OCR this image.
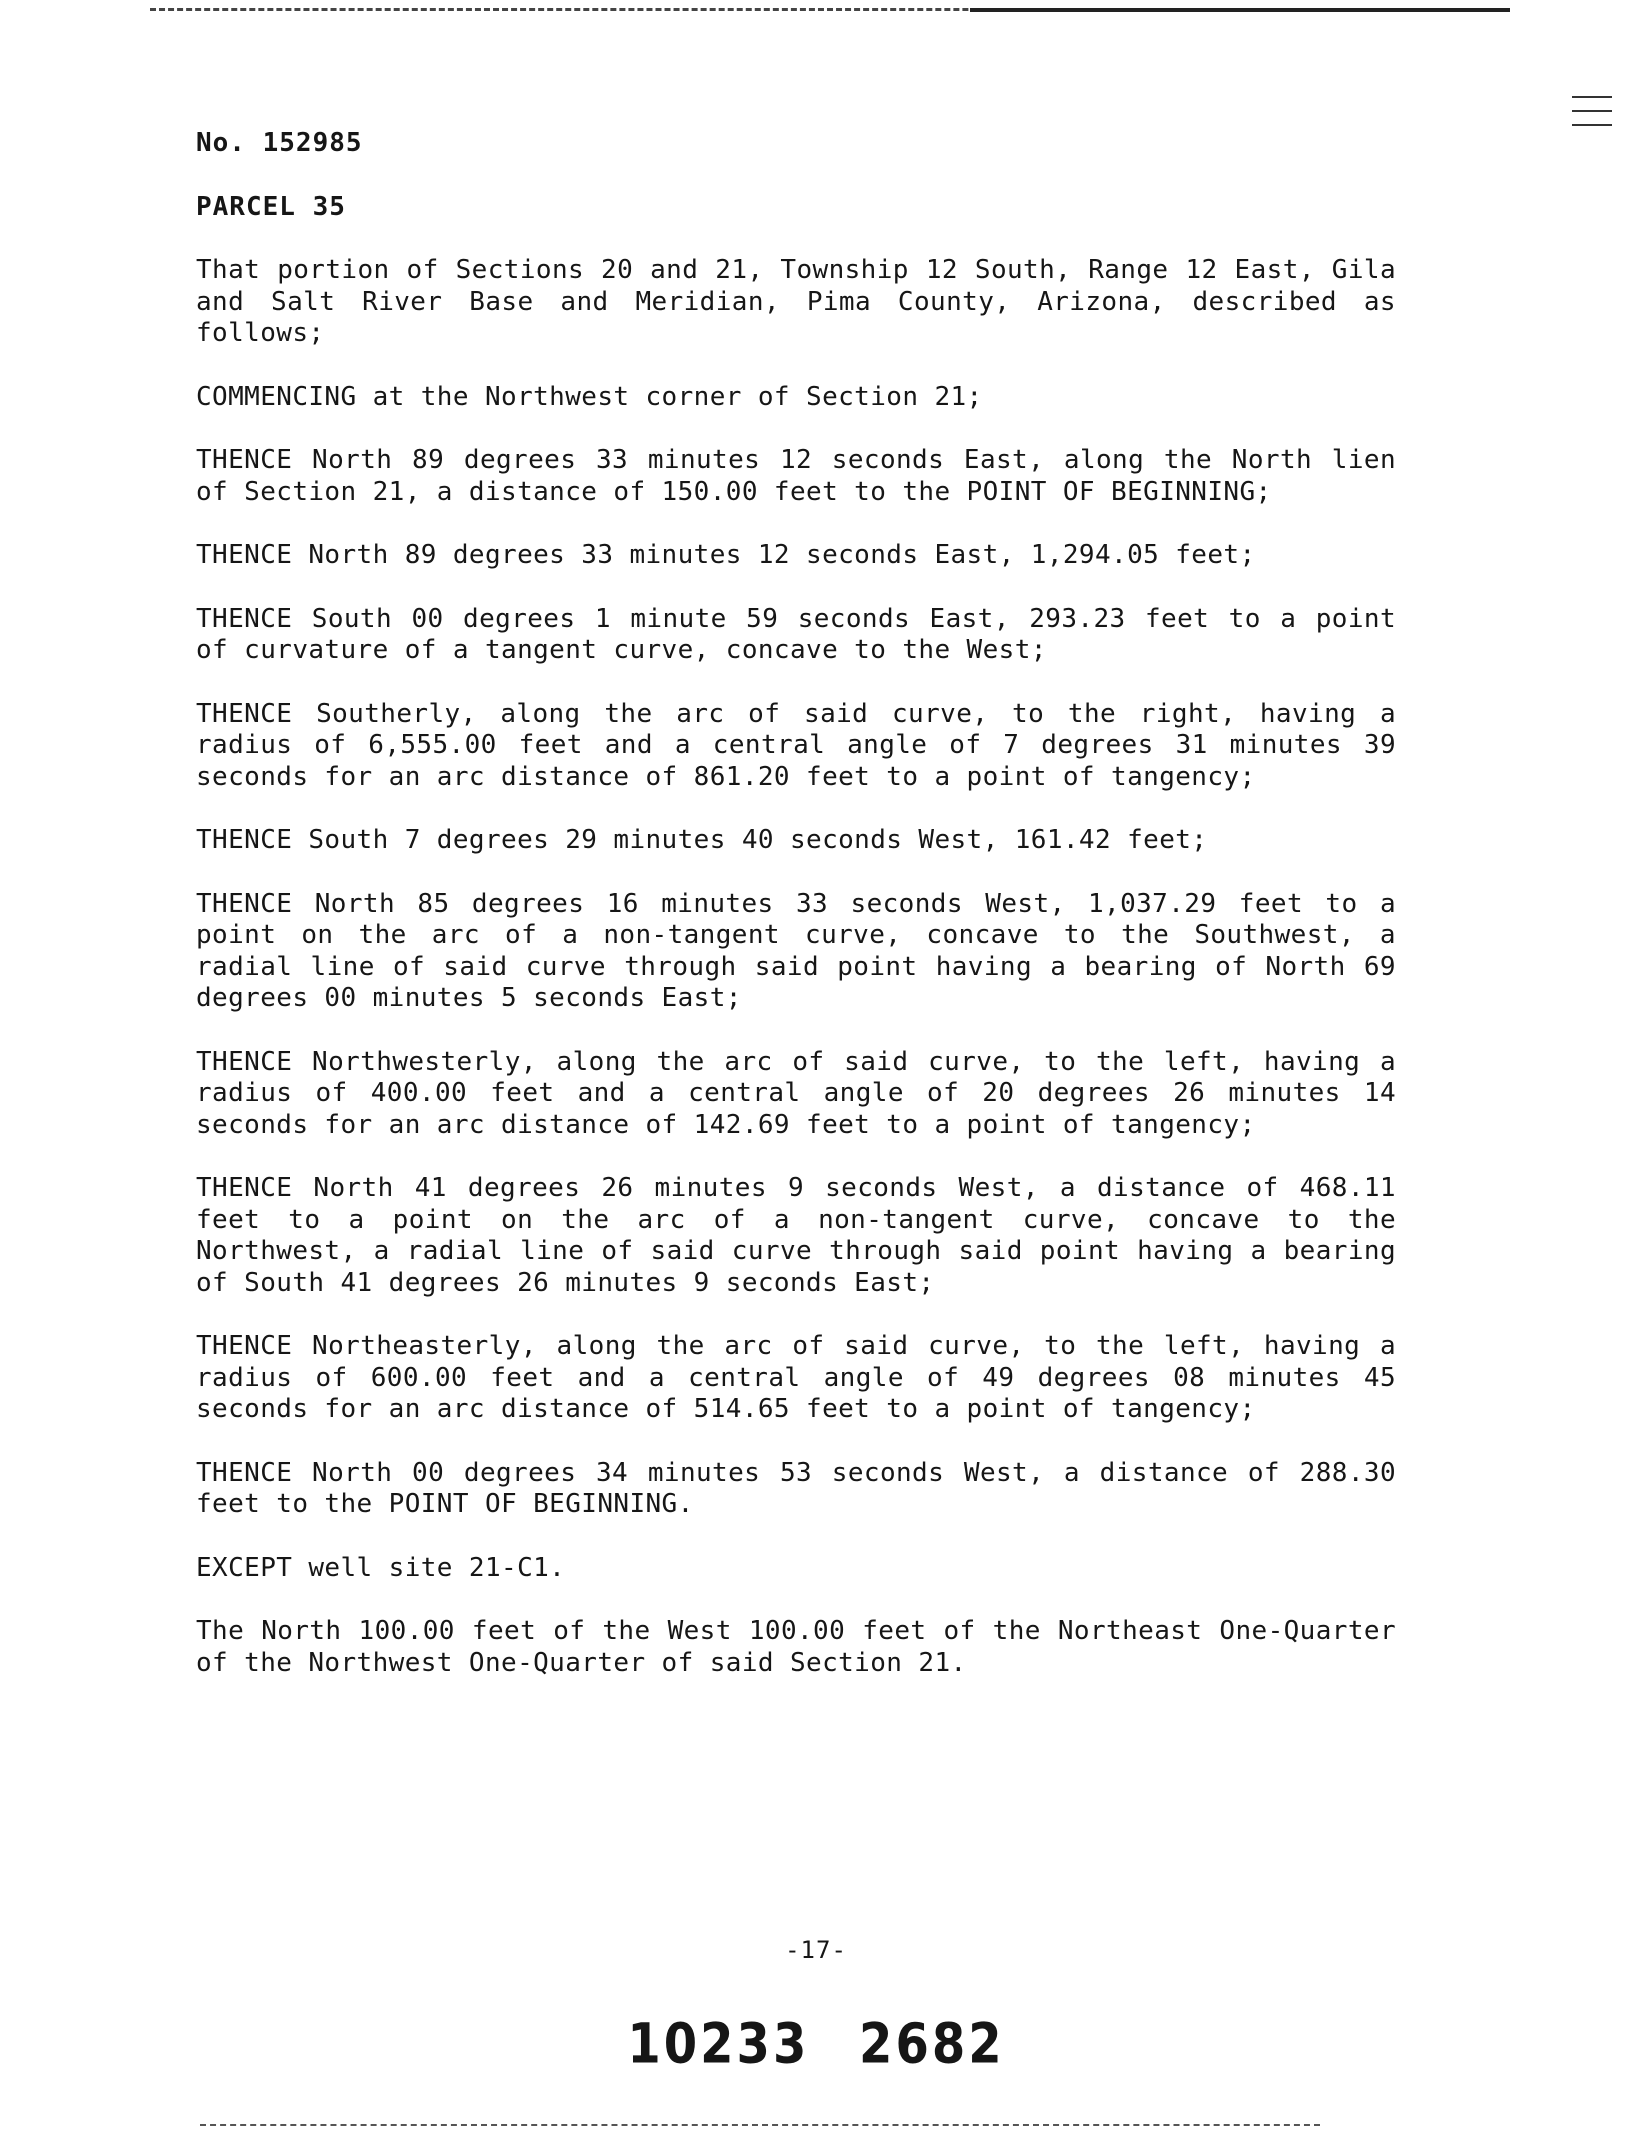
No. 152985
PARCEL 35
That portion of Sections 20 and 21, Township 12 South, Range 12 East, Gila and Salt River Base and Meridian, Pima County, Arizona, described as follows;
COMMENCING at the Northwest corner of Section 21;
THENCE North 89 degrees 33 minutes 12 seconds East, along the North lien of Section 21, a distance of 150.00 feet to the POINT OF BEGINNING;
THENCE North 89 degrees 33 minutes 12 seconds East, 1,294.05 feet;
THENCE South 00 degrees 1 minute 59 seconds East, 293.23 feet to a point of curvature of a tangent curve, concave to the West;
THENCE Southerly, along the arc of said curve, to the right, having a radius of 6,555.00 feet and a central angle of 7 degrees 31 minutes 39 seconds for an arc distance of 861.20 feet to a point of tangency;
THENCE South 7 degrees 29 minutes 40 seconds West, 161.42 feet;
THENCE North 85 degrees 16 minutes 33 seconds West, 1,037.29 feet to a point on the arc of a non-tangent curve, concave to the Southwest, a radial line of said curve through said point having a bearing of North 69 degrees 00 minutes 5 seconds East;
THENCE Northwesterly, along the arc of said curve, to the left, having a radius of 400.00 feet and a central angle of 20 degrees 26 minutes 14 seconds for an arc distance of 142.69 feet to a point of tangency;
THENCE North 41 degrees 26 minutes 9 seconds West, a distance of 468.11 feet to a point on the arc of a non-tangent curve, concave to the Northwest, a radial line of said curve through said point having a bearing of South 41 degrees 26 minutes 9 seconds East;
THENCE Northeasterly, along the arc of said curve, to the left, having a radius of 600.00 feet and a central angle of 49 degrees 08 minutes 45 seconds for an arc distance of 514.65 feet to a point of tangency;
THENCE North 00 degrees 34 minutes 53 seconds West, a distance of 288.30 feet to the POINT OF BEGINNING.
EXCEPT well site 21-C1.
The North 100.00 feet of the West 100.00 feet of the Northeast One-Quarter of the Northwest One-Quarter of said Section 21.
-17-
10233 2682
